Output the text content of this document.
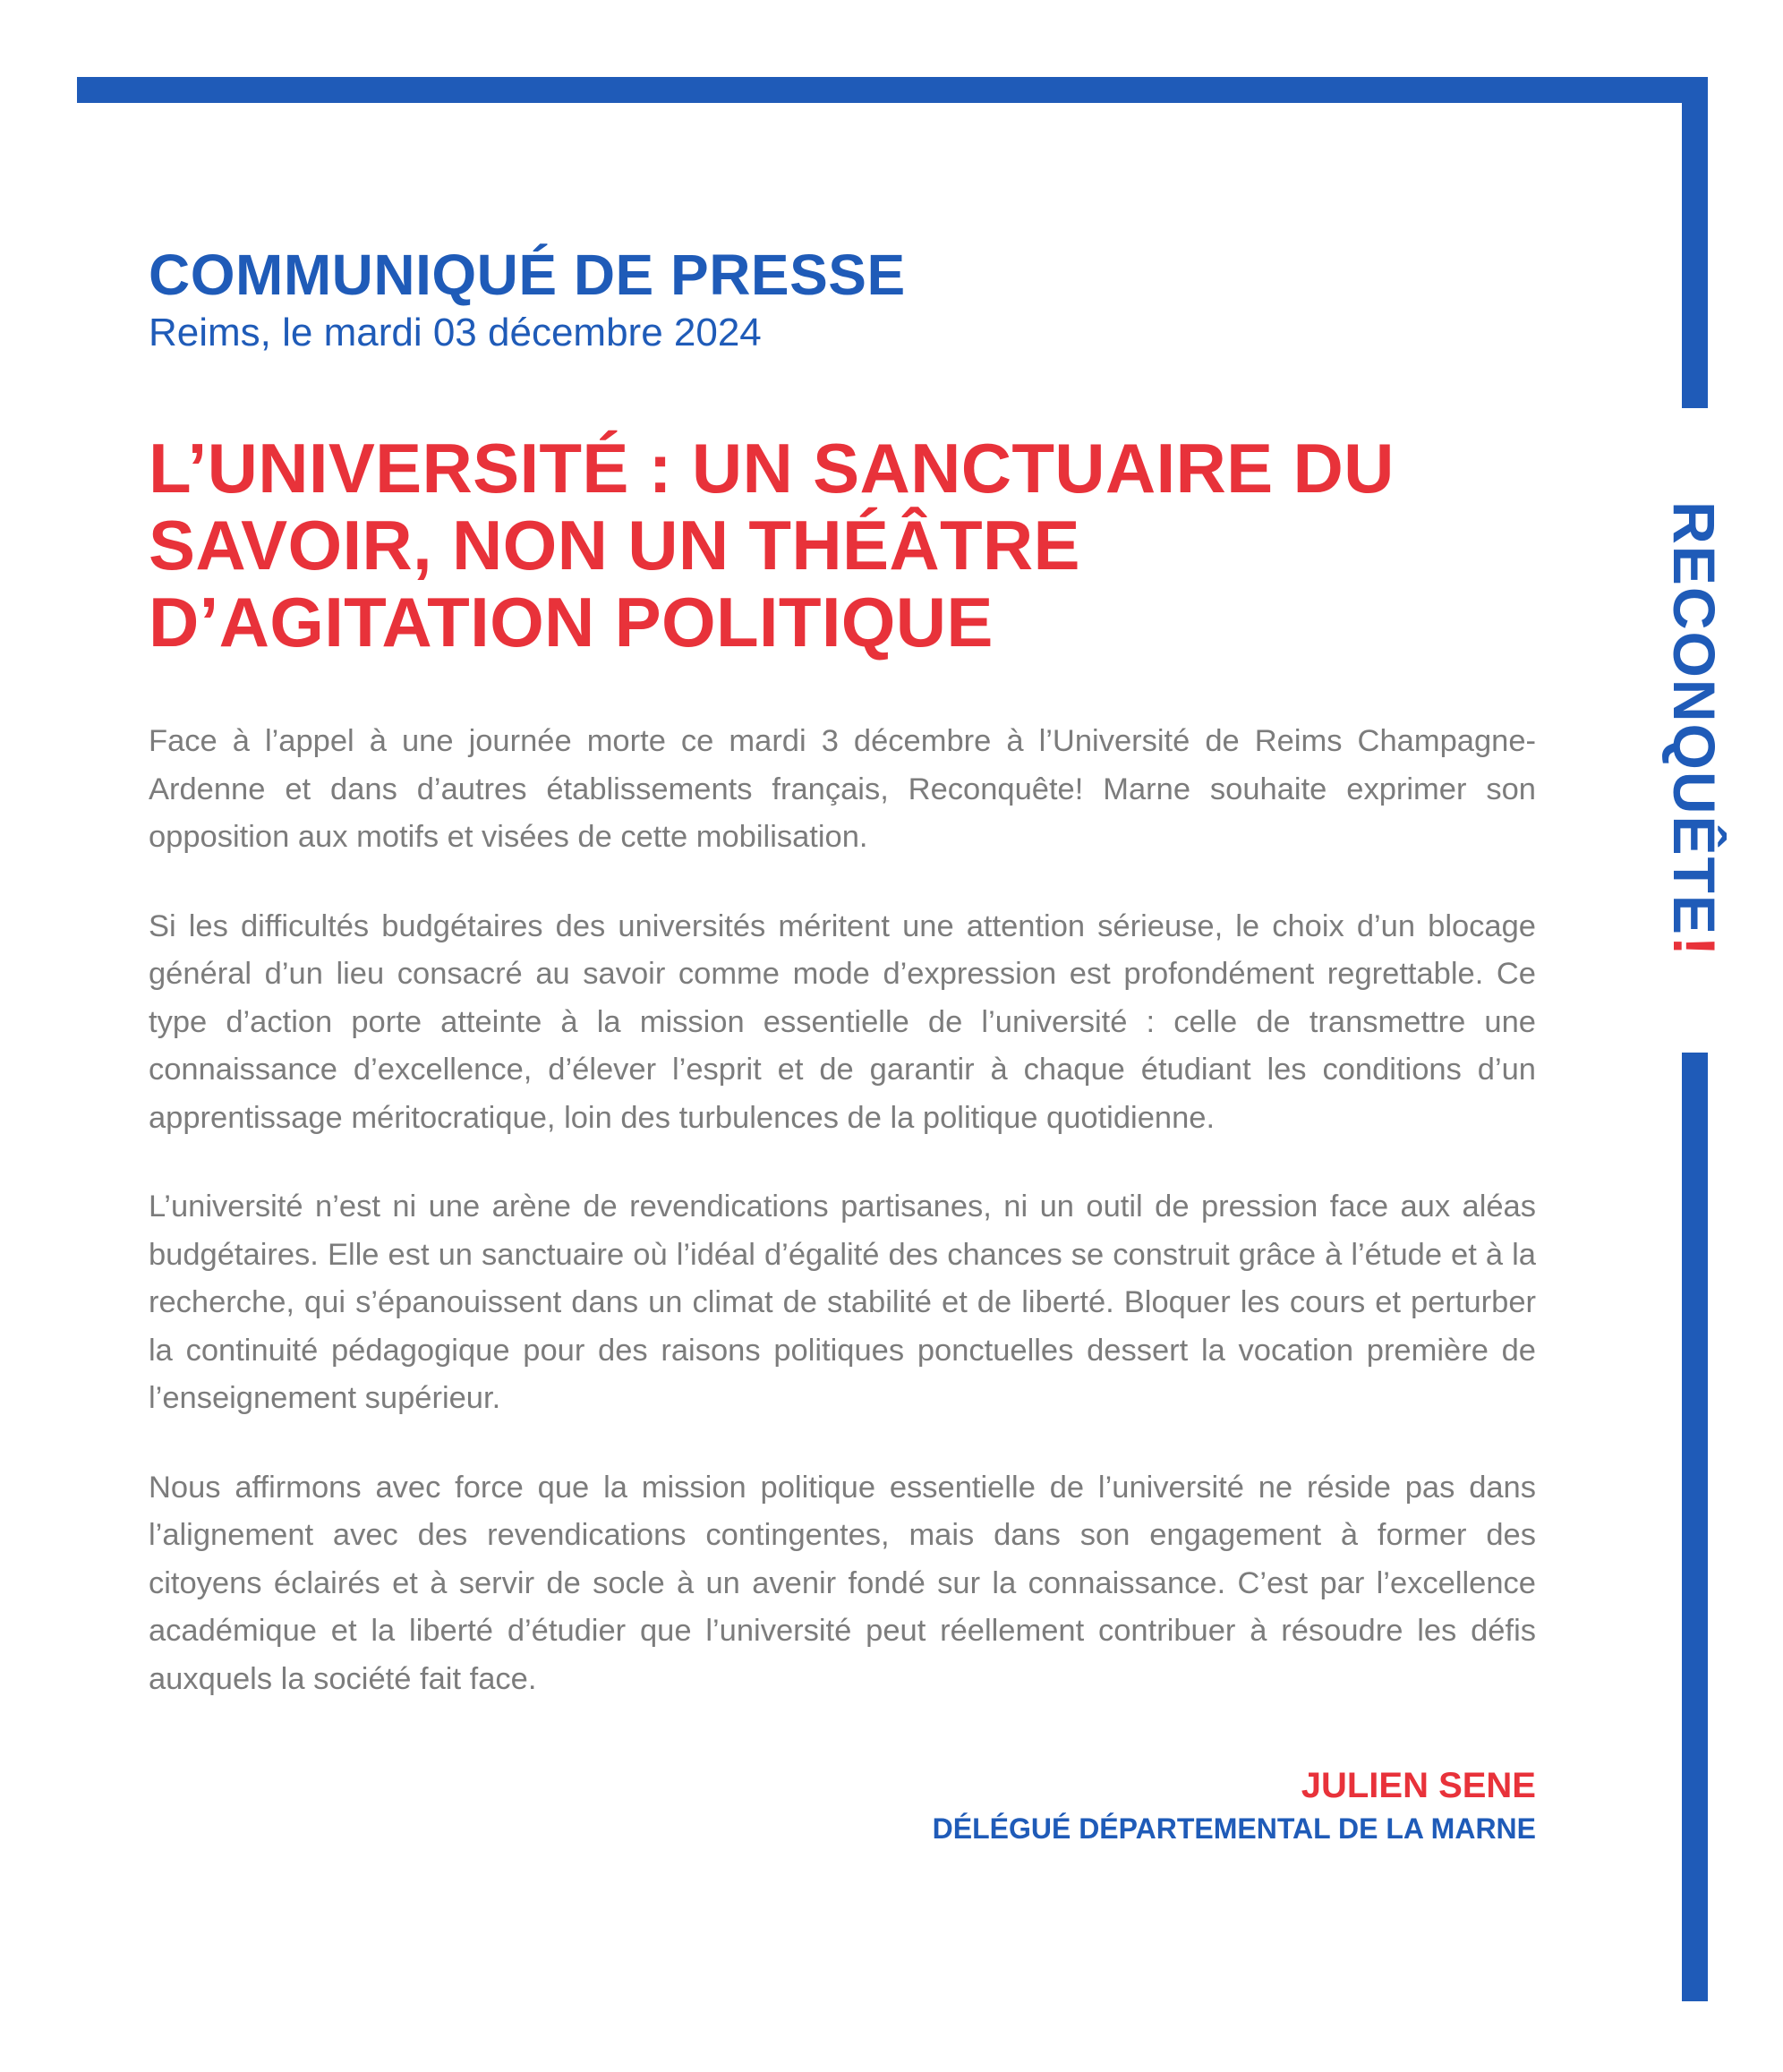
RECONQUÊTE!
COMMUNIQUÉ DE PRESSE

Reims, le mardi 03 décembre 2024

L’UNIVERSITÉ : UN SANCTUAIRE DU
SAVOIR, NON UN THÉÂTRE
D’AGITATION POLITIQUE

Face à l’appel à une journée morte ce mardi 3 décembre à l’Université de Reims Champagne-Ardenne et dans d’autres établissements français, Reconquête! Marne souhaite exprimer son opposition aux motifs et visées de cette mobilisation.

Si les difficultés budgétaires des universités méritent une attention sérieuse, le choix d’un blocage général d’un lieu consacré au savoir comme mode d’expression est profondément regrettable. Ce type d’action porte atteinte à la mission essentielle de l’université : celle de transmettre une connaissance d’excellence, d’élever l’esprit et de garantir à chaque étudiant les conditions d’un apprentissage méritocratique, loin des turbulences de la politique quotidienne.

L’université n’est ni une arène de revendications partisanes, ni un outil de pression face aux aléas budgétaires. Elle est un sanctuaire où l’idéal d’égalité des chances se construit grâce à l’étude et à la recherche, qui s’épanouissent dans un climat de stabilité et de liberté. Bloquer les cours et perturber la continuité pédagogique pour des raisons politiques ponctuelles dessert la vocation première de l’enseignement supérieur.

Nous affirmons avec force que la mission politique essentielle de l’université ne réside pas dans l’alignement avec des revendications contingentes, mais dans son engagement à former des citoyens éclairés et à servir de socle à un avenir fondé sur la connaissance. C’est par l’excellence académique et la liberté d’étudier que l’université peut réellement contribuer à résoudre les défis auxquels la société fait face.

JULIEN SENE

DÉLÉGUÉ DÉPARTEMENTAL DE LA MARNE
